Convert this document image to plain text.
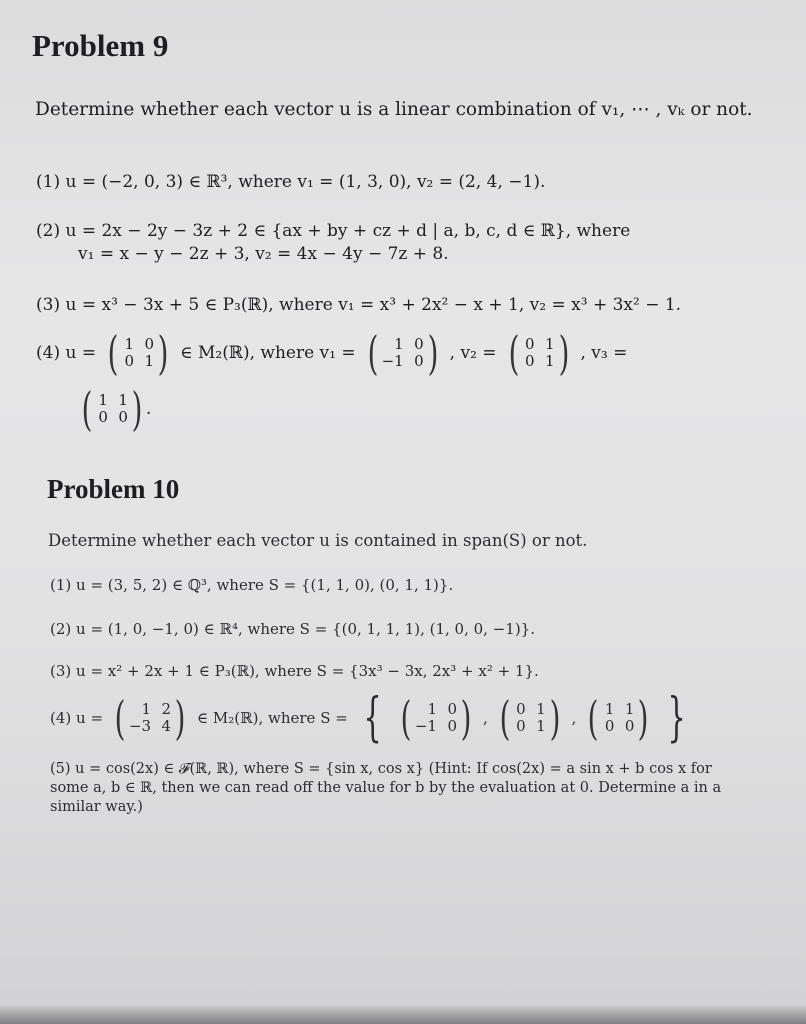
Problem 9
Determine whether each vector u is a linear combination of v₁, ⋯ , vₖ or not.
(1) u = (−2, 0, 3) ∈ ℝ³, where v₁ = (1, 3, 0), v₂ = (2, 4, −1).
(2) u = 2x − 2y − 3z + 2 ∈ {ax + by + cz + d | a, b, c, d ∈ ℝ}, where
v₁ = x − y − 2z + 3, v₂ = 4x − 4y − 7z + 8.
(3) u = x³ − 3x + 5 ∈ P₃(ℝ), where v₁ = x³ + 2x² − x + 1, v₂ = x³ + 3x² − 1.
(4) u = ( 1 0
0 1 ) ∈ M₂(ℝ), where v₁ = (	1 0
−1 0 ) , v₂ = ( 0 1
0 1 ) , v₃ =
( 1 1
0 0 ) .
Problem 10
Determine whether each vector u is contained in span(S) or not.
(1) u = (3, 5, 2) ∈ ℚ³, where S = {(1, 1, 0), (0, 1, 1)}.
(2) u = (1, 0, −1, 0) ∈ ℝ⁴, where S = {(0, 1, 1, 1), (1, 0, 0, −1)}.
(3) u = x² + 2x + 1 ∈ P₃(ℝ), where S = {3x³ − 3x, 2x³ + x² + 1}.
(4) u = (	1 2
−3 4 ) ∈ M₂(ℝ), where S = { (	1 0
−1 0 ) , ( 0 1
0 1 ) , ( 1 1
0 0 ) }
(5) u = cos(2x) ∈ 𝓕(ℝ, ℝ), where S = {sin x, cos x} (Hint: If cos(2x) = a sin x + b cos x for some a, b ∈ ℝ, then we can read off the value for b by the evaluation at 0. Determine a in a similar way.)
